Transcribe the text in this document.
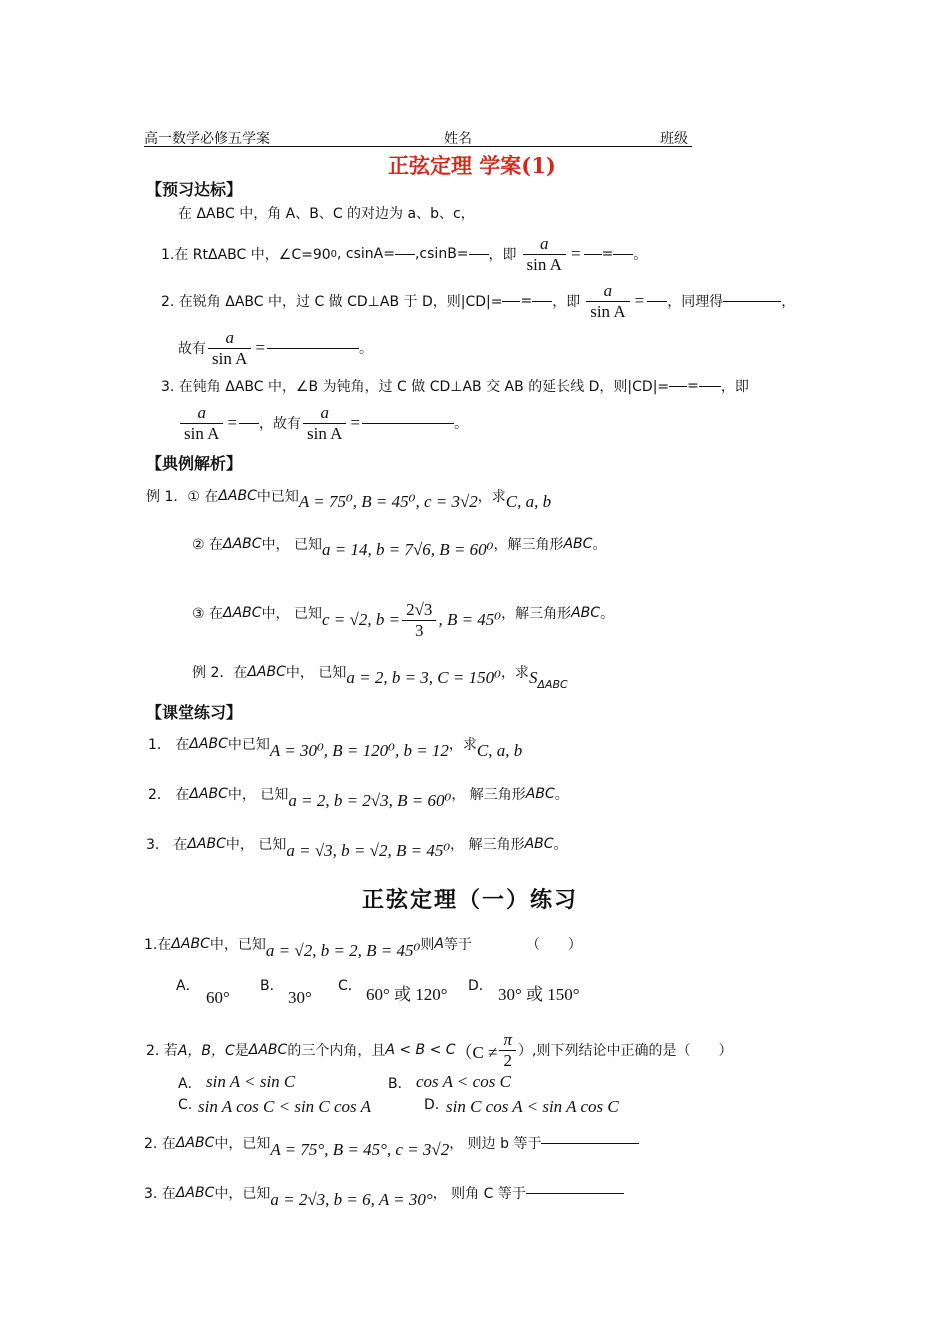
高一数学必修五学案	姓名	班级
正弦定理 学案(1)
【预习达标】
在 ΔABC 中，角 A、B、C 的对边为 a、b、c，
1.在 RtΔABC 中，∠C=90 0 , csinA= ,csinB= ，即 $\frac{a}{\text{sin A}}$ = = 。
2. 在锐角 ΔABC 中，过 C 做 CD⊥AB 于 D，则|CD|= = ，即 $\frac{a}{\text{sin A}}$ = ，同理得	，
故有 $\frac{a}{\text{sin A}}$ =	。
3. 在钝角 ΔABC 中，∠B 为钝角，过 C 做 CD⊥AB 交 AB 的延长线 D，则|CD|= = ，即
$\frac{a}{\text{sin A}}$ = ，故有 $\frac{a}{\text{sin A}}$ =	。
【典例解析】
例 1．① 在 ΔABC 中已知 A = 75⁰, B = 45⁰, c = 3√2 ，求 C, a, b
② 在 ΔABC 中， 已知 a = 14, b = 7√6, B = 60⁰ ，解三角形 ABC 。
③ 在 ΔABC 中， 已知 c = √2, $b = \frac{2√3}{3}$ , B = 45⁰ ，解三角形 ABC 。
例 2．在 ΔABC 中， 已知 a = 2, b = 3, C = 150⁰ ，求 S ΔABC
【课堂练习】
1． 在 ΔABC 中已知 A = 30⁰, B = 120⁰, b = 12 ，求 C, a, b
2． 在 ΔABC 中， 已知 a = 2, b = 2√3, B = 60⁰ ， 解三角形 ABC 。
3． 在 ΔABC 中， 已知 a = √3, b = √2, B = 45⁰ ， 解三角形 ABC 。
正弦定理（一）练习
1.在 ΔABC 中，已知 a = √2, b = 2, B = 45⁰ 则 A 等于	（　　）
A．
60°
B．
30°
C． 60° 或 120° D． 30° 或 150°
2. 若 A，B，C 是 ΔABC 的三个内角，且 A < B < C （$C \ne \frac{\pi}{2}$ ）,则下列结论中正确的是（　　）
A． sin A < sin C	B． cos A < cos C
C. sin A cos C < sin C cos A	D. sin C cos A < sin A cos C
2. 在 ΔABC 中，已知 A = 75°, B = 45°, c = 3√2 ， 则边 b 等于
3. 在 ΔABC 中，已知 a = 2√3, b = 6, A = 30° ， 则角 C 等于
